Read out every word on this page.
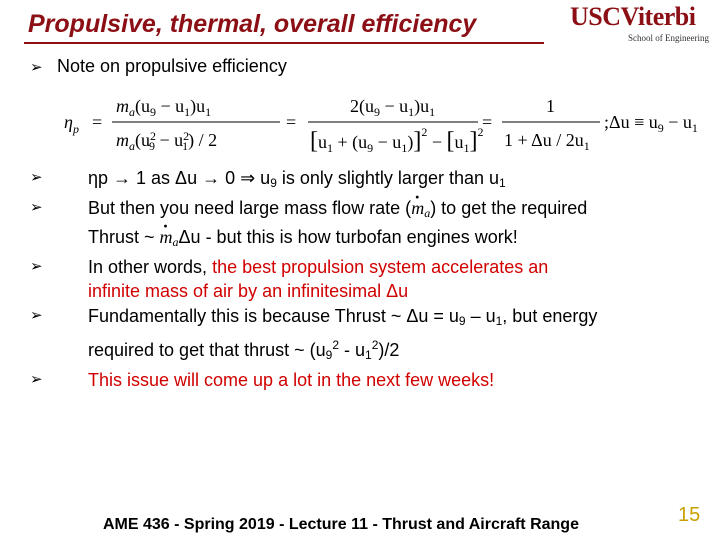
Propulsive, thermal, overall efficiency	USCViterbi
School of Engineering
➢ Note on propulsive efficiency
$\eta_p$ =
$m_a(u_9 - u_1)u_1$
$m_a(u^2$ $9 - u^2$ 1) / 2
=
$2(u_9 - u_1)u_1$
$[u_1 + (u_9 - u_1)]^2 - [u_1]^2$
=
1
$1 + \Delta u / 2u_1$
;Δu ≡ $u_9 - u_1$
➢	ηp → 1 as Δu → 0 ⇒ $u_9$ is only slightly larger than $u_1$
➢	But then you need large mass flow rate $(m \cdot_a)$ to get the required
Thrust ~ $m \cdot_a\Delta u$ - but this is how turbofan engines work!
➢	In other words, the best propulsion system accelerates an
infinite mass of air by an infinitesimal Δu
➢	Fundamentally this is because Thrust ~ $\Delta u = u_9 - u_1$, but energy
required to get that thrust ~ $(u_9^2 - u_1^2)/2$
➢	This issue will come up a lot in the next few weeks!
AME 436 - Spring 2019 - Lecture 11 - Thrust and Aircraft Range	15
